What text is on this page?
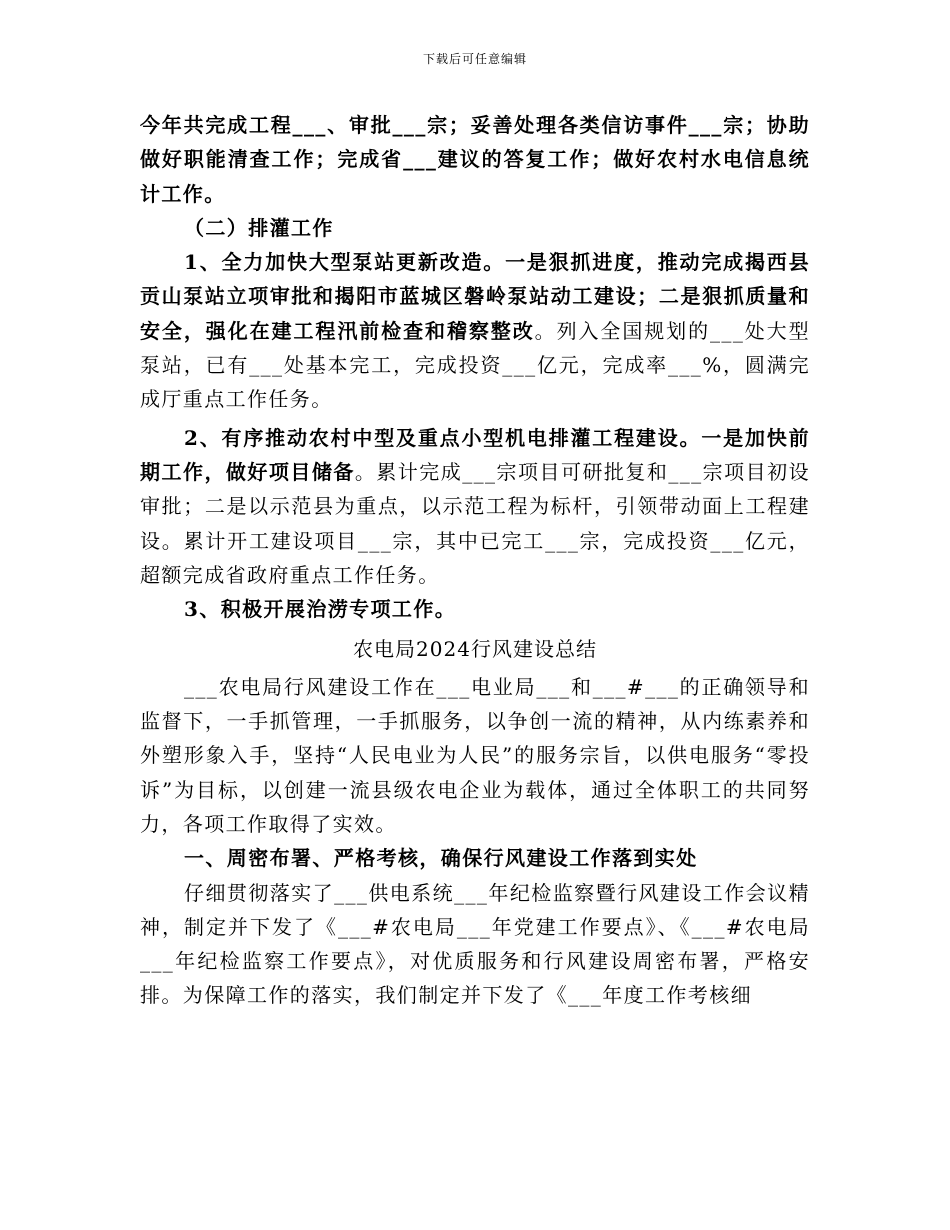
下载后可任意编辑

今年共完成工程___、审批___宗；妥善处理各类信访事件___宗；协助做好职能清查工作；完成省___建议的答复工作；做好农村水电信息统计工作。

（二）排灌工作

1、全力加快大型泵站更新改造。一是狠抓进度，推动完成揭西县贡山泵站立项审批和揭阳市蓝城区磐岭泵站动工建设；二是狠抓质量和安全，强化在建工程汛前检查和稽察整改。列入全国规划的___处大型泵站，已有___处基本完工，完成投资___亿元，完成率___%，圆满完成厅重点工作任务。

2、有序推动农村中型及重点小型机电排灌工程建设。一是加快前期工作，做好项目储备。累计完成___宗项目可研批复和___宗项目初设审批；二是以示范县为重点，以示范工程为标杆，引领带动面上工程建设。累计开工建设项目___宗，其中已完工___宗，完成投资___亿元，超额完成省政府重点工作任务。

3、积极开展治涝专项工作。

农电局2024行风建设总结

___农电局行风建设工作在___电业局___和___#___的正确领导和监督下，一手抓管理，一手抓服务，以争创一流的精神，从内练素养和外塑形象入手，坚持“人民电业为人民”的服务宗旨，以供电服务“零投诉”为目标，以创建一流县级农电企业为载体，通过全体职工的共同努力，各项工作取得了实效。

一、周密布署、严格考核，确保行风建设工作落到实处

仔细贯彻落实了___供电系统___年纪检监察暨行风建设工作会议精神，制定并下发了《___#农电局___年党建工作要点》、《___#农电局___年纪检监察工作要点》，对优质服务和行风建设周密布署，严格安排。为保障工作的落实，我们制定并下发了《___年度工作考核细
